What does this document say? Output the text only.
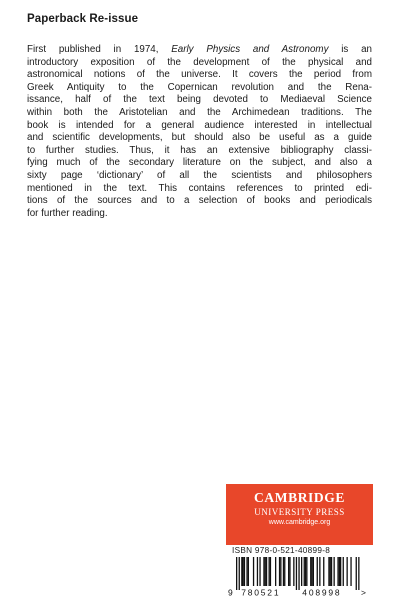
Paperback Re-issue
First published in 1974, Early Physics and Astronomy is an
introductory exposition of the development of the physical and
astronomical notions of the universe. It covers the period from
Greek Antiquity to the Copernican revolution and the Rena-
issance, half of the text being devoted to Mediaeval Science
within both the Aristotelian and the Archimedean traditions. The
book is intended for a general audience interested in intellectual
and scientific developments, but should also be useful as a guide
to further studies. Thus, it has an extensive bibliography classi-
fying much of the secondary literature on the subject, and also a
sixty page ‘dictionary’ of all the scientists and philosophers
mentioned in the text. This contains references to printed edi-
tions of the sources and to a selection of books and periodicals
for further reading.
CAMBRIDGE
UNIVERSITY PRESS
www.cambridge.org
ISBN 978-0-521-40899-8
9 780521	408998 >
